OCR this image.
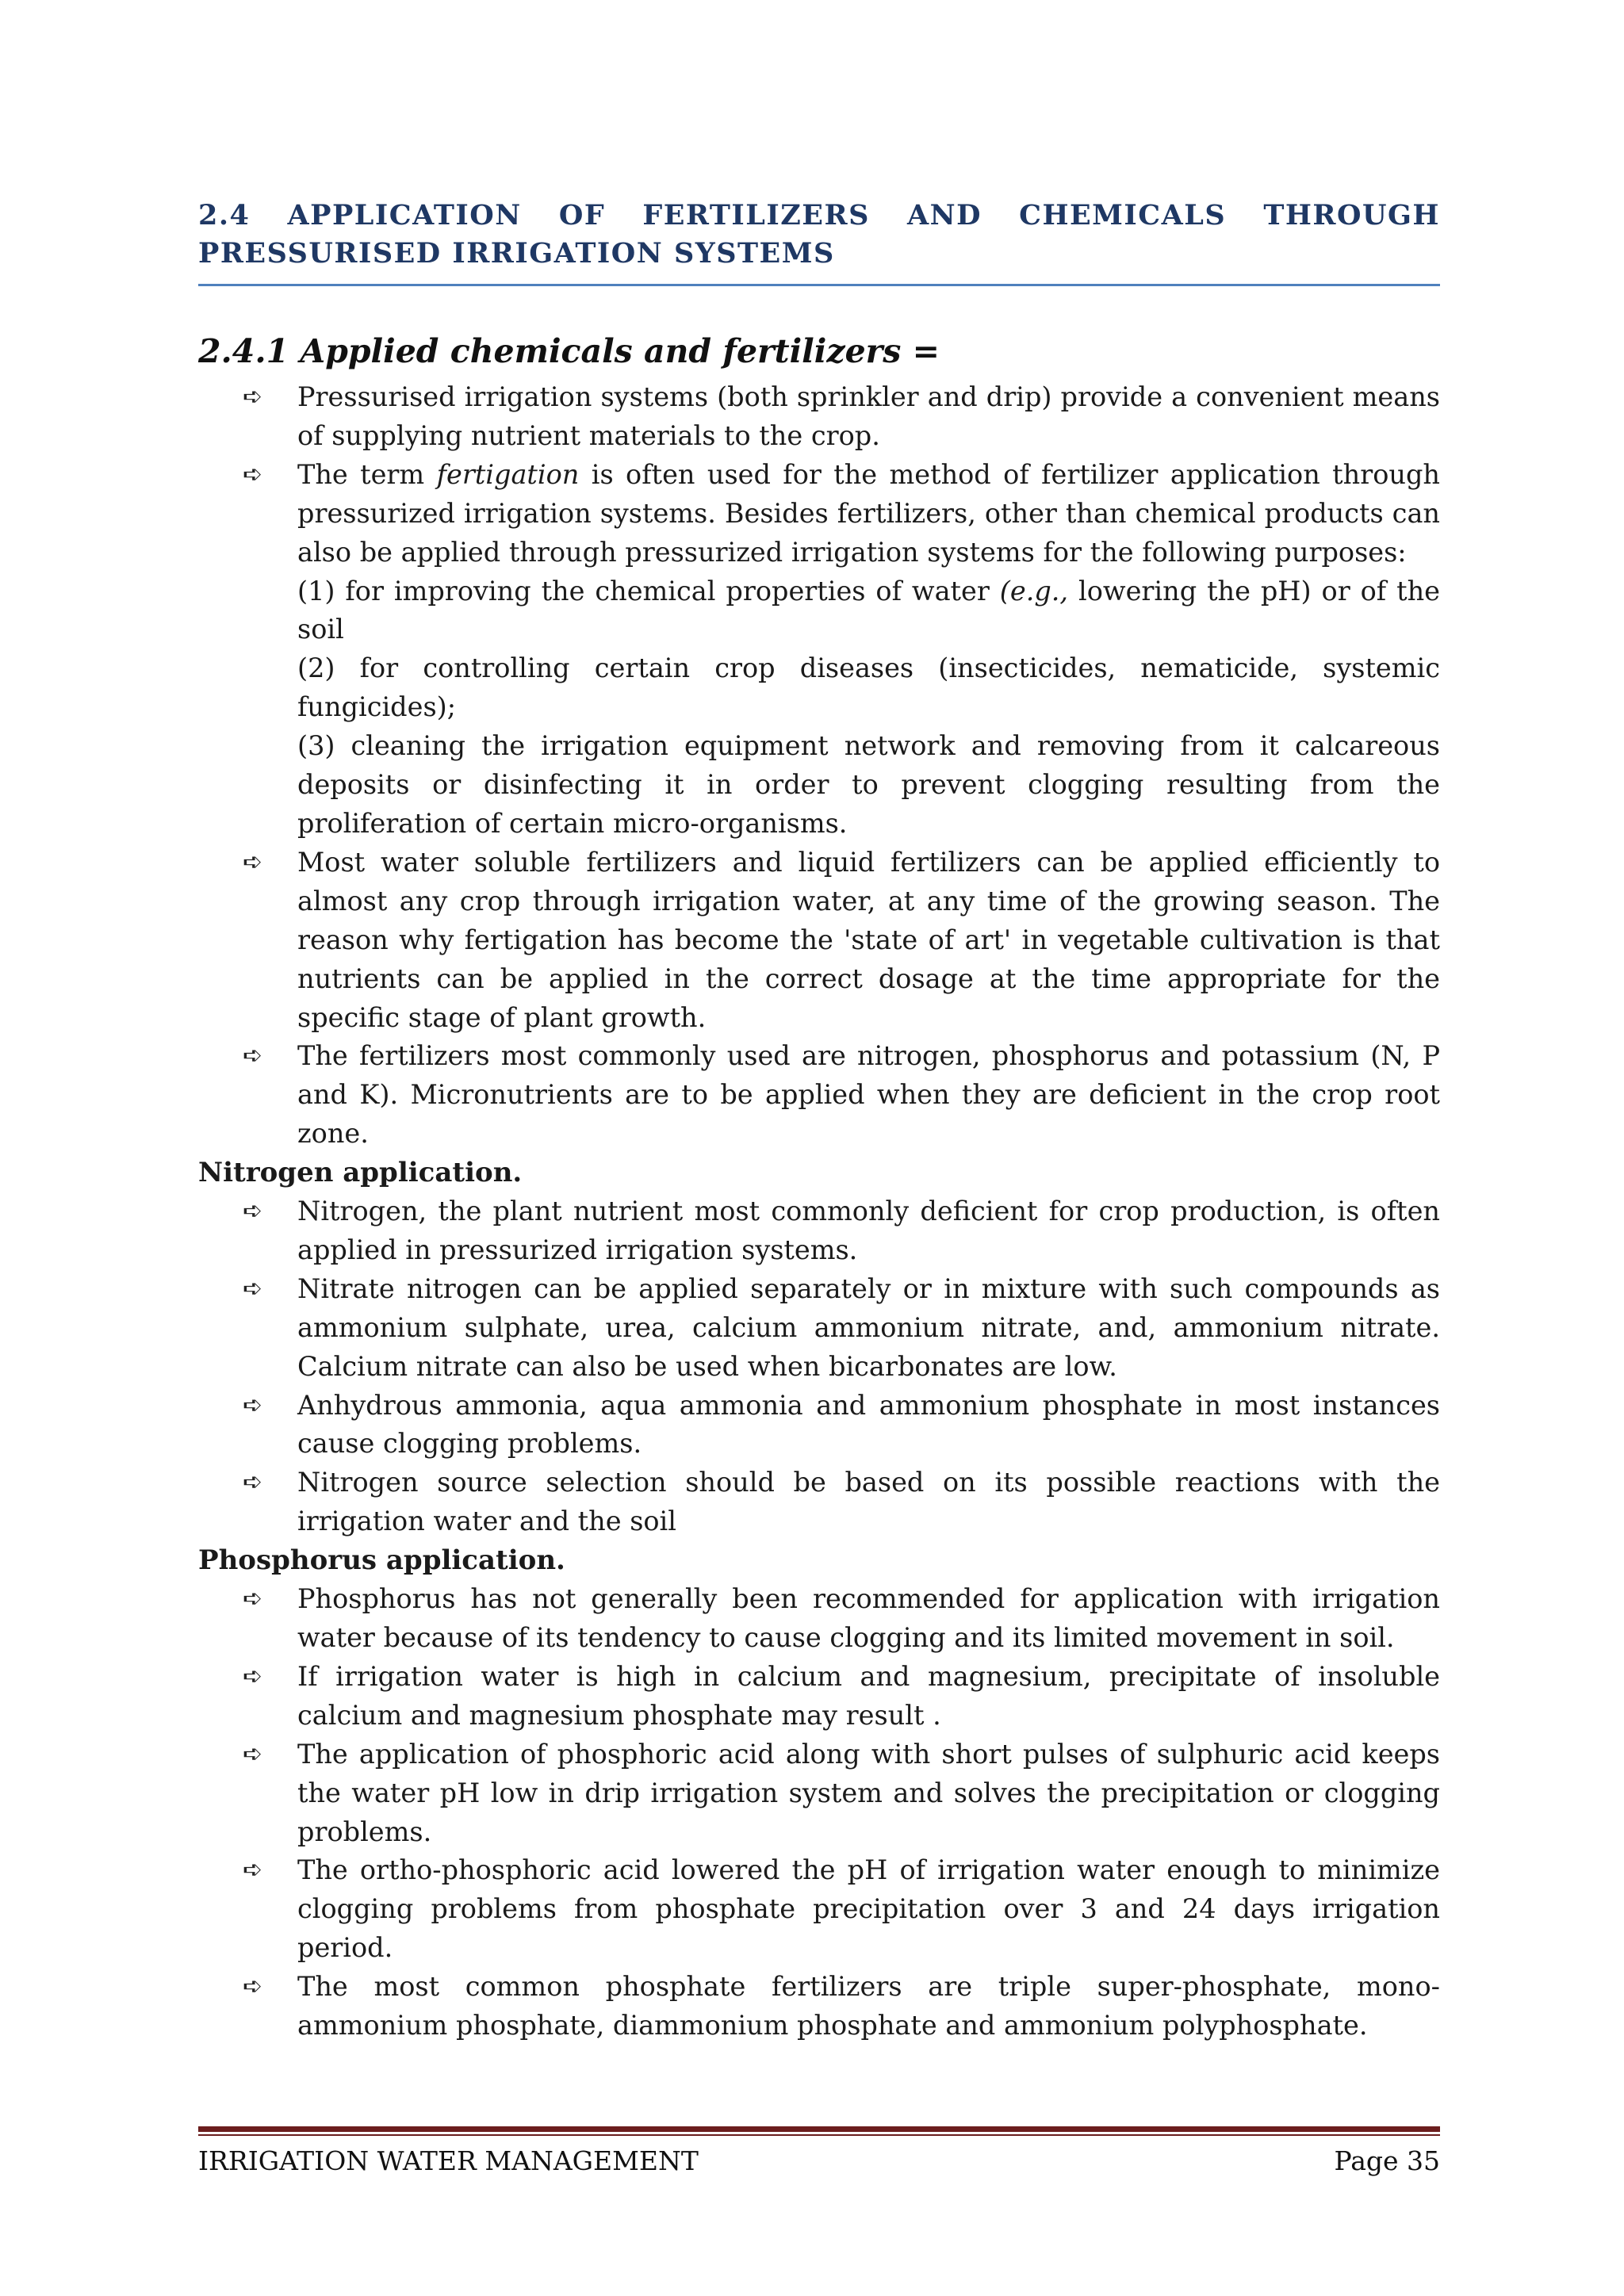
2.4 APPLICATION OF FERTILIZERS AND CHEMICALS THROUGH PRESSURISED IRRIGATION SYSTEMS
2.4.1 Applied chemicals and fertilizers =
➪	Pressurised irrigation systems (both sprinkler and drip) provide a convenient means of supplying nutrient materials to the crop.
➪	The term fertigation is often used for the method of fertilizer application through pressurized irrigation systems. Besides fertilizers, other than chemical products can also be applied through pressurized irrigation systems for the following purposes:
(1) for improving the chemical properties of water (e.g., lowering the pH) or of the soil
(2) for controlling certain crop diseases (insecticides, nematicide, systemic fungicides);
(3) cleaning the irrigation equipment network and removing from it calcareous deposits or disinfecting it in order to prevent clogging resulting from the proliferation of certain micro-organisms.
➪	Most water soluble fertilizers and liquid fertilizers can be applied efficiently to almost any crop through irrigation water, at any time of the growing season. The reason why fertigation has become the 'state of art' in vegetable cultivation is that nutrients can be applied in the correct dosage at the time appropriate for the specific stage of plant growth.
➪	The fertilizers most commonly used are nitrogen, phosphorus and potassium (N, P and K). Micronutrients are to be applied when they are deficient in the crop root zone.
Nitrogen application.
➪	Nitrogen, the plant nutrient most commonly deficient for crop production, is often applied in pressurized irrigation systems.
➪	Nitrate nitrogen can be applied separately or in mixture with such compounds as ammonium sulphate, urea, calcium ammonium nitrate, and, ammonium nitrate. Calcium nitrate can also be used when bicarbonates are low.
➪	Anhydrous ammonia, aqua ammonia and ammonium phosphate in most instances cause clogging problems.
➪	Nitrogen source selection should be based on its possible reactions with the irrigation water and the soil
Phosphorus application.
➪	Phosphorus has not generally been recommended for application with irrigation water because of its tendency to cause clogging and its limited movement in soil.
➪	If irrigation water is high in calcium and magnesium, precipitate of insoluble calcium and magnesium phosphate may result .
➪	The application of phosphoric acid along with short pulses of sulphuric acid keeps the water pH low in drip irrigation system and solves the precipitation or clogging problems.
➪	The ortho-phosphoric acid lowered the pH of irrigation water enough to minimize clogging problems from phosphate precipitation over 3 and 24 days irrigation period.
➪	The most common phosphate fertilizers are triple super-phosphate, mono-ammonium phosphate, diammonium phosphate and ammonium polyphosphate.
IRRIGATION WATER MANAGEMENT	Page 35
